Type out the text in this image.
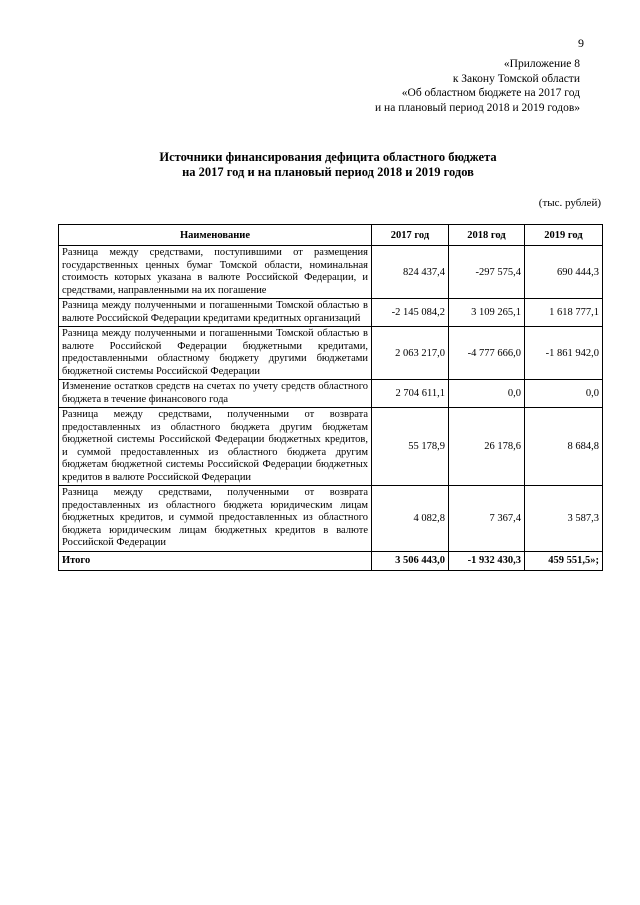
9
«Приложение 8
к Закону Томской области
«Об областном бюджете на 2017 год
и на плановый период 2018 и 2019 годов»
Источники финансирования дефицита областного бюджета
на 2017 год и на плановый период 2018 и 2019 годов
(тыс. рублей)
Наименование	2017 год	2018 год	2019 год
Разница между средствами, поступившими от размещения государственных ценных бумаг Томской области, номинальная стоимость которых указана в валюте Российской Федерации, и средствами, направленными на их погашение	824 437,4	-297 575,4	690 444,3
Разница между полученными и погашенными Томской областью в валюте Российской Федерации кредитами кредитных организаций	-2 145 084,2	3 109 265,1	1 618 777,1
Разница между полученными и погашенными Томской областью в валюте Российской Федерации бюджетными кредитами, предоставленными областному бюджету другими бюджетами бюджетной системы Российской Федерации	2 063 217,0	-4 777 666,0	-1 861 942,0
Изменение остатков средств на счетах по учету средств областного бюджета в течение финансового года	2 704 611,1	0,0	0,0
Разница между средствами, полученными от возврата предоставленных из областного бюджета другим бюджетам бюджетной системы Российской Федерации бюджетных кредитов, и суммой предоставленных из областного бюджета другим бюджетам бюджетной системы Российской Федерации бюджетных кредитов в валюте Российской Федерации	55 178,9	26 178,6	8 684,8
Разница между средствами, полученными от возврата предоставленных из областного бюджета юридическим лицам бюджетных кредитов, и суммой предоставленных из областного бюджета юридическим лицам бюджетных кредитов в валюте Российской Федерации	4 082,8	7 367,4	3 587,3
Итого	3 506 443,0	-1 932 430,3	459 551,5»;
